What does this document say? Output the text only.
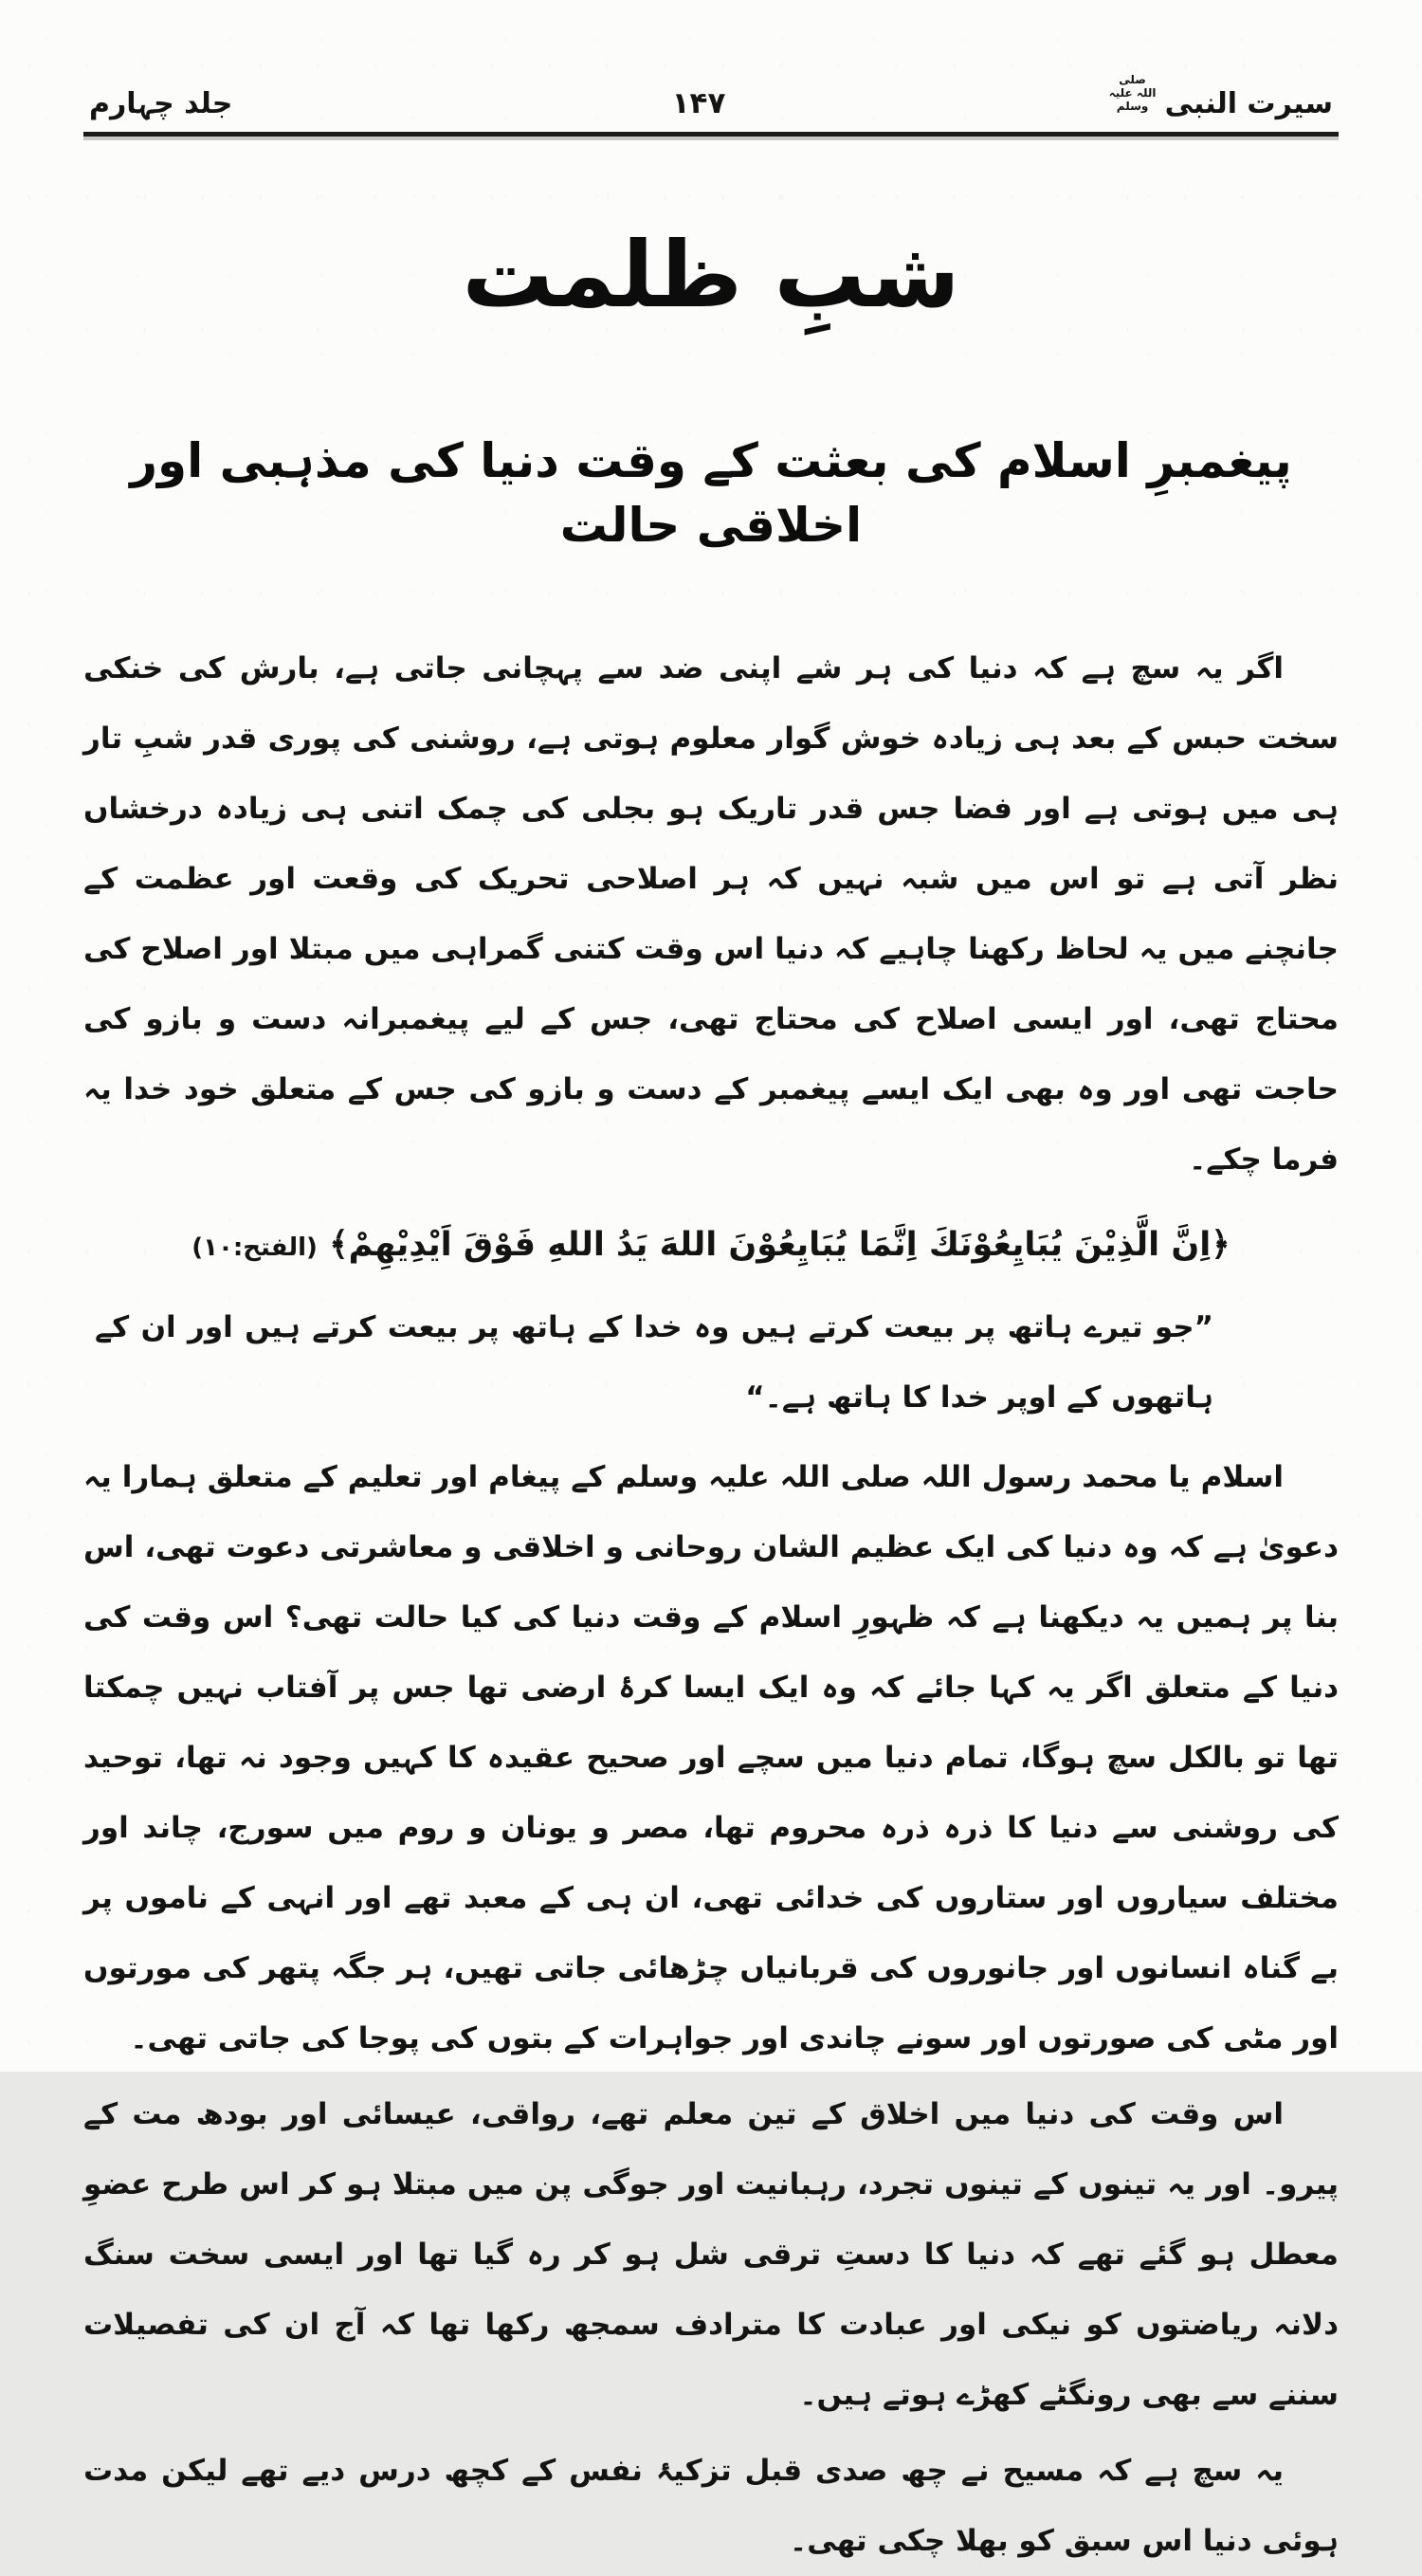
سیرت النبی
صلی اللہ علیہ وسلم
۱۴۷
جلد چہارم
شبِ ظلمت
پیغمبرِ اسلام کی بعثت کے وقت دنیا کی مذہبی اور اخلاقی حالت

اگر یہ سچ ہے کہ دنیا کی ہر شے اپنی ضد سے پہچانی جاتی ہے، بارش کی خنکی سخت حبس کے بعد ہی زیادہ خوش گوار معلوم ہوتی ہے، روشنی کی پوری قدر شبِ تار ہی میں ہوتی ہے اور فضا جس قدر تاریک ہو بجلی کی چمک اتنی ہی زیادہ درخشاں نظر آتی ہے تو اس میں شبہ نہیں کہ ہر اصلاحی تحریک کی وقعت اور عظمت کے جانچنے میں یہ لحاظ رکھنا چاہیے کہ دنیا اس وقت کتنی گمراہی میں مبتلا اور اصلاح کی محتاج تھی، اور ایسی اصلاح کی محتاج تھی، جس کے لیے پیغمبرانہ دست و بازو کی حاجت تھی اور وہ بھی ایک ایسے پیغمبر کے دست و بازو کی جس کے متعلق خود خدا یہ فرما چکے۔

﴿اِنَّ الَّذِيْنَ يُبَايِعُوْنَكَ اِنَّمَا يُبَايِعُوْنَ اللهَ يَدُ اللهِ فَوْقَ اَيْدِيْهِمْ﴾ (الفتح:۱۰)

”جو تیرے ہاتھ پر بیعت کرتے ہیں وہ خدا کے ہاتھ پر بیعت کرتے ہیں اور ان کے ہاتھوں کے اوپر خدا کا ہاتھ ہے۔“

اسلام یا محمد رسول اللہ صلی اللہ علیہ وسلم کے پیغام اور تعلیم کے متعلق ہمارا یہ دعویٰ ہے کہ وہ دنیا کی ایک عظیم الشان روحانی و اخلاقی و معاشرتی دعوت تھی، اس بنا پر ہمیں یہ دیکھنا ہے کہ ظہورِ اسلام کے وقت دنیا کی کیا حالت تھی؟ اس وقت کی دنیا کے متعلق اگر یہ کہا جائے کہ وہ ایک ایسا کرۂ ارضی تھا جس پر آفتاب نہیں چمکتا تھا تو بالکل سچ ہوگا، تمام دنیا میں سچے اور صحیح عقیدہ کا کہیں وجود نہ تھا، توحید کی روشنی سے دنیا کا ذرہ ذرہ محروم تھا، مصر و یونان و روم میں سورج، چاند اور مختلف سیاروں اور ستاروں کی خدائی تھی، ان ہی کے معبد تھے اور انہی کے ناموں پر بے گناہ انسانوں اور جانوروں کی قربانیاں چڑھائی جاتی تھیں، ہر جگہ پتھر کی مورتوں اور مٹی کی صورتوں اور سونے چاندی اور جواہرات کے بتوں کی پوجا کی جاتی تھی۔

اس وقت کی دنیا میں اخلاق کے تین معلم تھے، رواقی، عیسائی اور بودھ مت کے پیرو۔ اور یہ تینوں کے تینوں تجرد، رہبانیت اور جوگی پن میں مبتلا ہو کر اس طرح عضوِ معطل ہو گئے تھے کہ دنیا کا دستِ ترقی شل ہو کر رہ گیا تھا اور ایسی سخت سنگ دلانہ ریاضتوں کو نیکی اور عبادت کا مترادف سمجھ رکھا تھا کہ آج ان کی تفصیلات سننے سے بھی رونگٹے کھڑے ہوتے ہیں۔

یہ سچ ہے کہ مسیح نے چھ صدی قبل تزکیۂ نفس کے کچھ درس دیے تھے لیکن مدت ہوئی دنیا اس سبق کو بھلا چکی تھی۔
